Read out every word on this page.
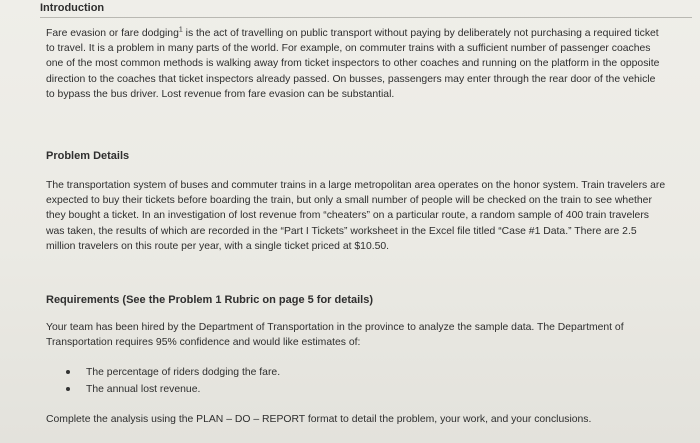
Introduction

Fare evasion or fare dodging$^1$ is the act of travelling on public transport without paying by deliberately not purchasing a required ticket to travel. It is a problem in many parts of the world. For example, on commuter trains with a sufficient number of passenger coaches one of the most common methods is walking away from ticket inspectors to other coaches and running on the platform in the opposite direction to the coaches that ticket inspectors already passed. On busses, passengers may enter through the rear door of the vehicle to bypass the bus driver. Lost revenue from fare evasion can be substantial.

Problem Details

The transportation system of buses and commuter trains in a large metropolitan area operates on the honor system. Train travelers are expected to buy their tickets before boarding the train, but only a small number of people will be checked on the train to see whether they bought a ticket. In an investigation of lost revenue from “cheaters” on a particular route, a random sample of 400 train travelers was taken, the results of which are recorded in the “Part I Tickets” worksheet in the Excel file titled “Case #1 Data.” There are 2.5 million travelers on this route per year, with a single ticket priced at $10.50.

Requirements (See the Problem 1 Rubric on page 5 for details)

Your team has been hired by the Department of Transportation in the province to analyze the sample data. The Department of Transportation requires 95% confidence and would like estimates of:

The percentage of riders dodging the fare.
The annual lost revenue.

Complete the analysis using the PLAN – DO – REPORT format to detail the problem, your work, and your conclusions.
